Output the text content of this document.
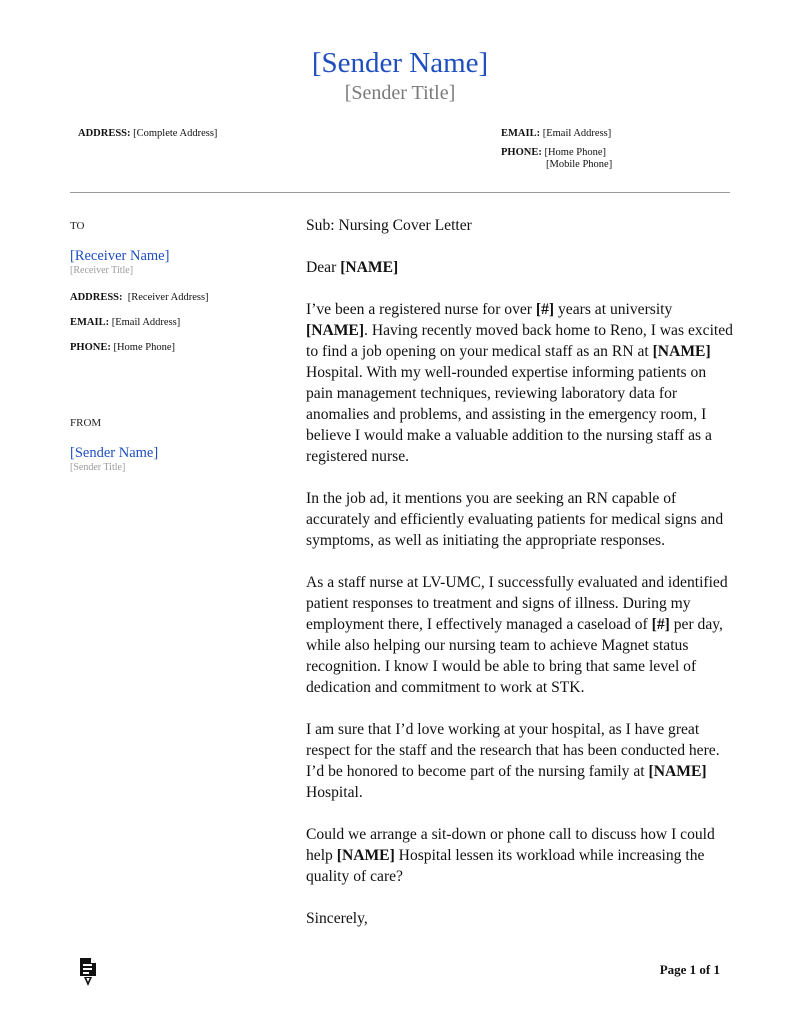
[Sender Name]
[Sender Title]
ADDRESS: [Complete Address]	EMAIL: [Email Address]
PHONE: [Home Phone]
[Mobile Phone]
TO
[Receiver Name]
[Receiver Title]
ADDRESS: [Receiver Address]
EMAIL: [Email Address]
PHONE: [Home Phone]
FROM
[Sender Name]
[Sender Title]

Sub: Nursing Cover Letter

Dear [NAME]

I’ve been a registered nurse for over [#] years at university [NAME]. Having recently moved back home to Reno, I was excited to find a job opening on your medical staff as an RN at [NAME] Hospital. With my well-rounded expertise informing patients on pain management techniques, reviewing laboratory data for anomalies and problems, and assisting in the emergency room, I believe I would make a valuable addition to the nursing staff as a registered nurse.

In the job ad, it mentions you are seeking an RN capable of accurately and efficiently evaluating patients for medical signs and symptoms, as well as initiating the appropriate responses.

As a staff nurse at LV-UMC, I successfully evaluated and identified patient responses to treatment and signs of illness. During my employment there, I effectively managed a caseload of [#] per day, while also helping our nursing team to achieve Magnet status recognition. I know I would be able to bring that same level of dedication and commitment to work at STK.

I am sure that I’d love working at your hospital, as I have great respect for the staff and the research that has been conducted here. I’d be honored to become part of the nursing family at [NAME] Hospital.

Could we arrange a sit-down or phone call to discuss how I could help [NAME] Hospital lessen its workload while increasing the quality of care?

Sincerely,

Page 1 of 1
